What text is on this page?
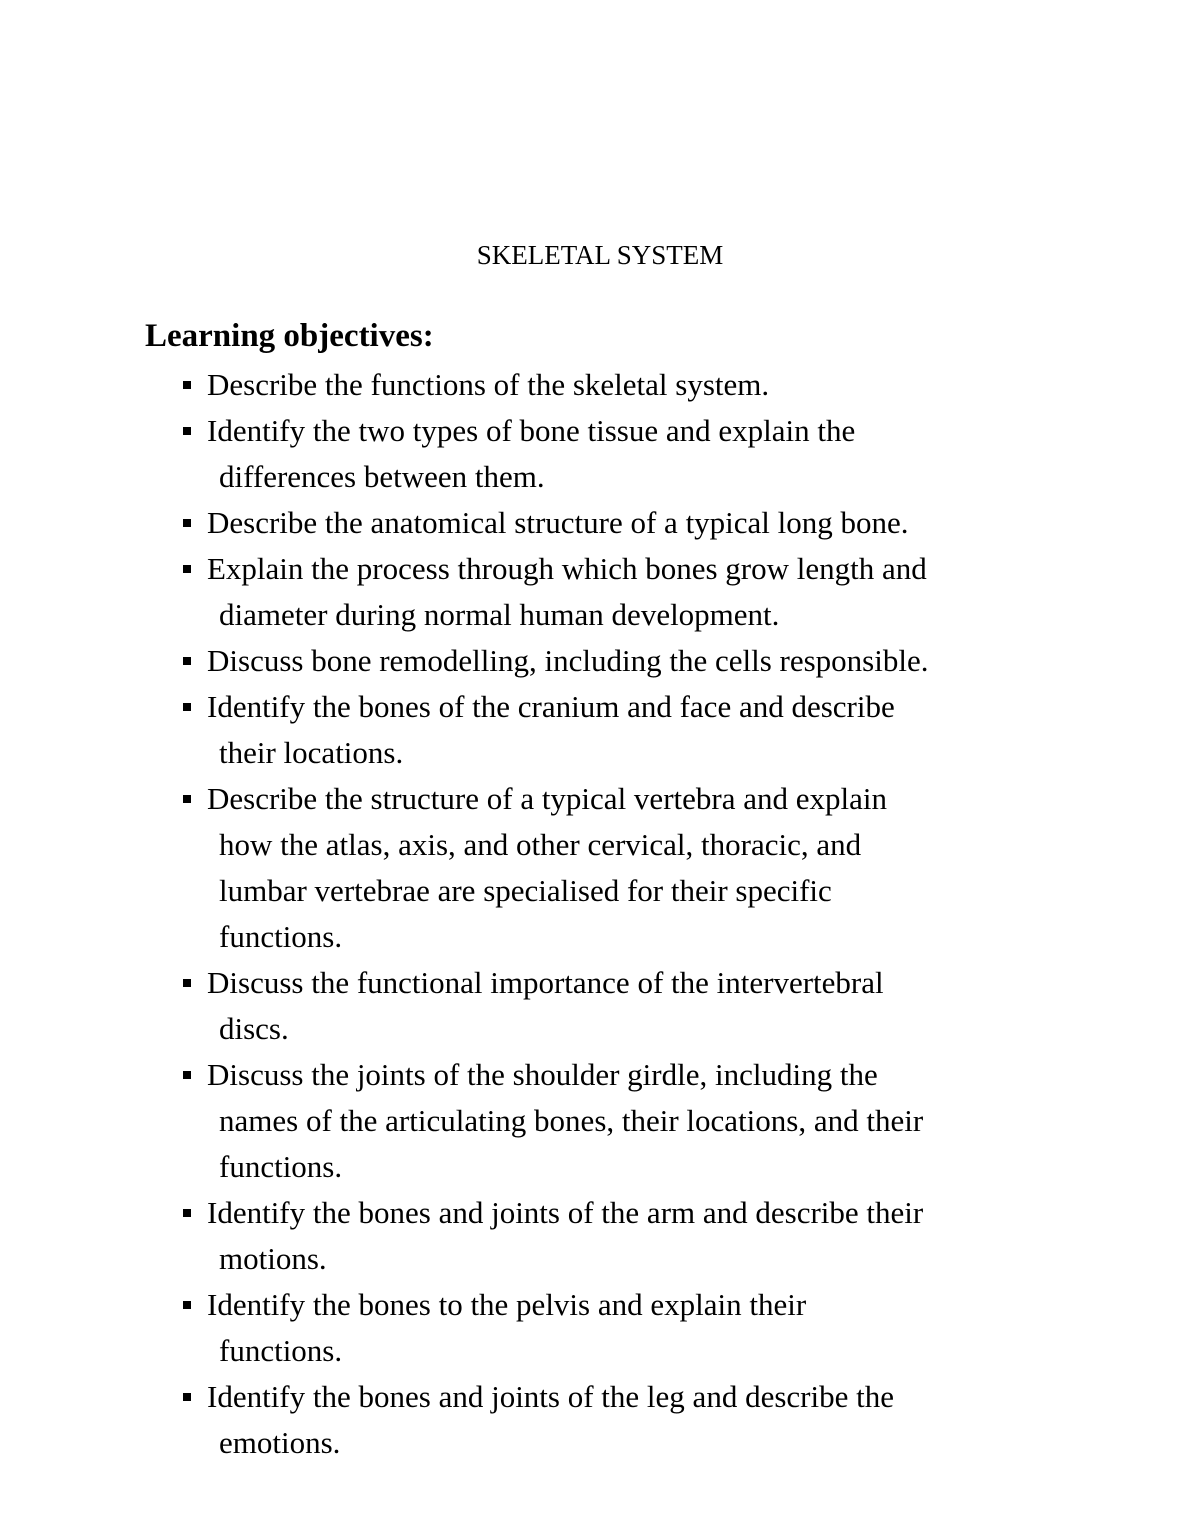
SKELETAL SYSTEM
Learning objectives:
Describe the functions of the skeletal system.
Identify the two types of bone tissue and explain the
differences between them.
Describe the anatomical structure of a typical long bone.
Explain the process through which bones grow length and
diameter during normal human development.
Discuss bone remodelling, including the cells responsible.
Identify the bones of the cranium and face and describe
their locations.
Describe the structure of a typical vertebra and explain
how the atlas, axis, and other cervical, thoracic, and
lumbar vertebrae are specialised for their specific
functions.
Discuss the functional importance of the intervertebral
discs.
Discuss the joints of the shoulder girdle, including the
names of the articulating bones, their locations, and their
functions.
Identify the bones and joints of the arm and describe their
motions.
Identify the bones to the pelvis and explain their
functions.
Identify the bones and joints of the leg and describe the
emotions.
